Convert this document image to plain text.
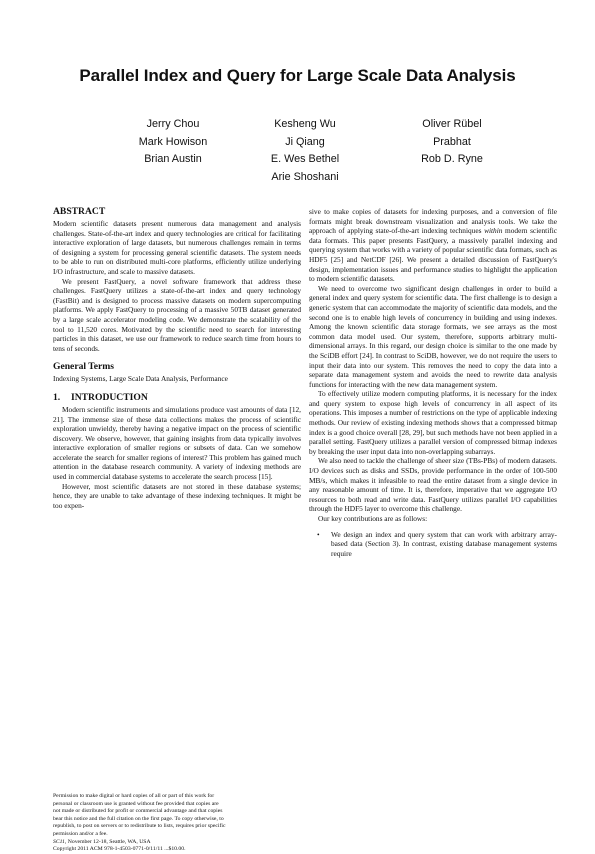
Parallel Index and Query for Large Scale Data Analysis
Jerry Chou
Mark Howison
Brian Austin
Kesheng Wu
Ji Qiang
E. Wes Bethel
Arie Shoshani
Oliver Rübel
Prabhat
Rob D. Ryne
ABSTRACT

Modern scientific datasets present numerous data management and analysis challenges. State-of-the-art index and query technologies are critical for facilitating interactive exploration of large datasets, but numerous challenges remain in terms of designing a system for processing general scientific datasets. The system needs to be able to run on distributed multi-core platforms, efficiently utilize underlying I/O infrastructure, and scale to massive datasets.

We present FastQuery, a novel software framework that address these challenges. FastQuery utilizes a state-of-the-art index and query technology (FastBit) and is designed to process massive datasets on modern supercomputing platforms. We apply FastQuery to processing of a massive 50TB dataset generated by a large scale accelerator modeling code. We demonstrate the scalability of the tool to 11,520 cores. Motivated by the scientific need to search for interesting particles in this dataset, we use our framework to reduce search time from hours to tens of seconds.

General Terms

Indexing Systems, Large Scale Data Analysis, Performance

1. INTRODUCTION

Modern scientific instruments and simulations produce vast amounts of data [12, 21]. The immense size of these data collections makes the process of scientific exploration unwieldy, thereby having a negative impact on the process of scientific discovery. We observe, however, that gaining insights from data typically involves interactive exploration of smaller regions or subsets of data. Can we somehow accelerate the search for smaller regions of interest? This problem has gained much attention in the database research community. A variety of indexing methods are used in commercial database systems to accelerate the search process [15].

However, most scientific datasets are not stored in these database systems; hence, they are unable to take advantage of these indexing techniques. It might be too expen-

sive to make copies of datasets for indexing purposes, and a conversion of file formats might break downstream visualization and analysis tools. We take the approach of applying state-of-the-art indexing techniques within modern scientific data formats. This paper presents FastQuery, a massively parallel indexing and querying system that works with a variety of popular scientific data formats, such as HDF5 [25] and NetCDF [26]. We present a detailed discussion of FastQuery's design, implementation issues and performance studies to highlight the application to modern scientific datasets.

We need to overcome two significant design challenges in order to build a general index and query system for scientific data. The first challenge is to design a generic system that can accommodate the majority of scientific data models, and the second one is to enable high levels of concurrency in building and using indexes. Among the known scientific data storage formats, we see arrays as the most common data model used. Our system, therefore, supports arbitrary multi-dimensional arrays. In this regard, our design choice is similar to the one made by the SciDB effort [24]. In contrast to SciDB, however, we do not require the users to input their data into our system. This removes the need to copy the data into a separate data management system and avoids the need to rewrite data analysis functions for interacting with the new data management system.

To effectively utilize modern computing platforms, it is necessary for the index and query system to expose high levels of concurrency in all aspect of its operations. This imposes a number of restrictions on the type of applicable indexing methods. Our review of existing indexing methods shows that a compressed bitmap index is a good choice overall [28, 29], but such methods have not been applied in a parallel setting. FastQuery utilizes a parallel version of compressed bitmap indexes by breaking the user input data into non-overlapping subarrays.

We also need to tackle the challenge of sheer size (TBs-PBs) of modern datasets. I/O devices such as disks and SSDs, provide performance in the order of 100-500 MB/s, which makes it infeasible to read the entire dataset from a single device in any reasonable amount of time. It is, therefore, imperative that we aggregate I/O resources to both read and write data. FastQuery utilizes parallel I/O capabilities through the HDF5 layer to overcome this challenge.

Our key contributions are as follows:

• We design an index and query system that can work with arbitrary array-based data (Section 3). In contrast, existing database management systems require
Permission to make digital or hard copies of all or part of this work for
personal or classroom use is granted without fee provided that copies are
not made or distributed for profit or commercial advantage and that copies
bear this notice and the full citation on the first page. To copy otherwise, to
republish, to post on servers or to redistribute to lists, requires prior specific
permission and/or a fee.
SC11, November 12-18, Seattle, WA, USA
Copyright 2011 ACM 978-1-4503-0771-0/11/11 ...$10.00.
